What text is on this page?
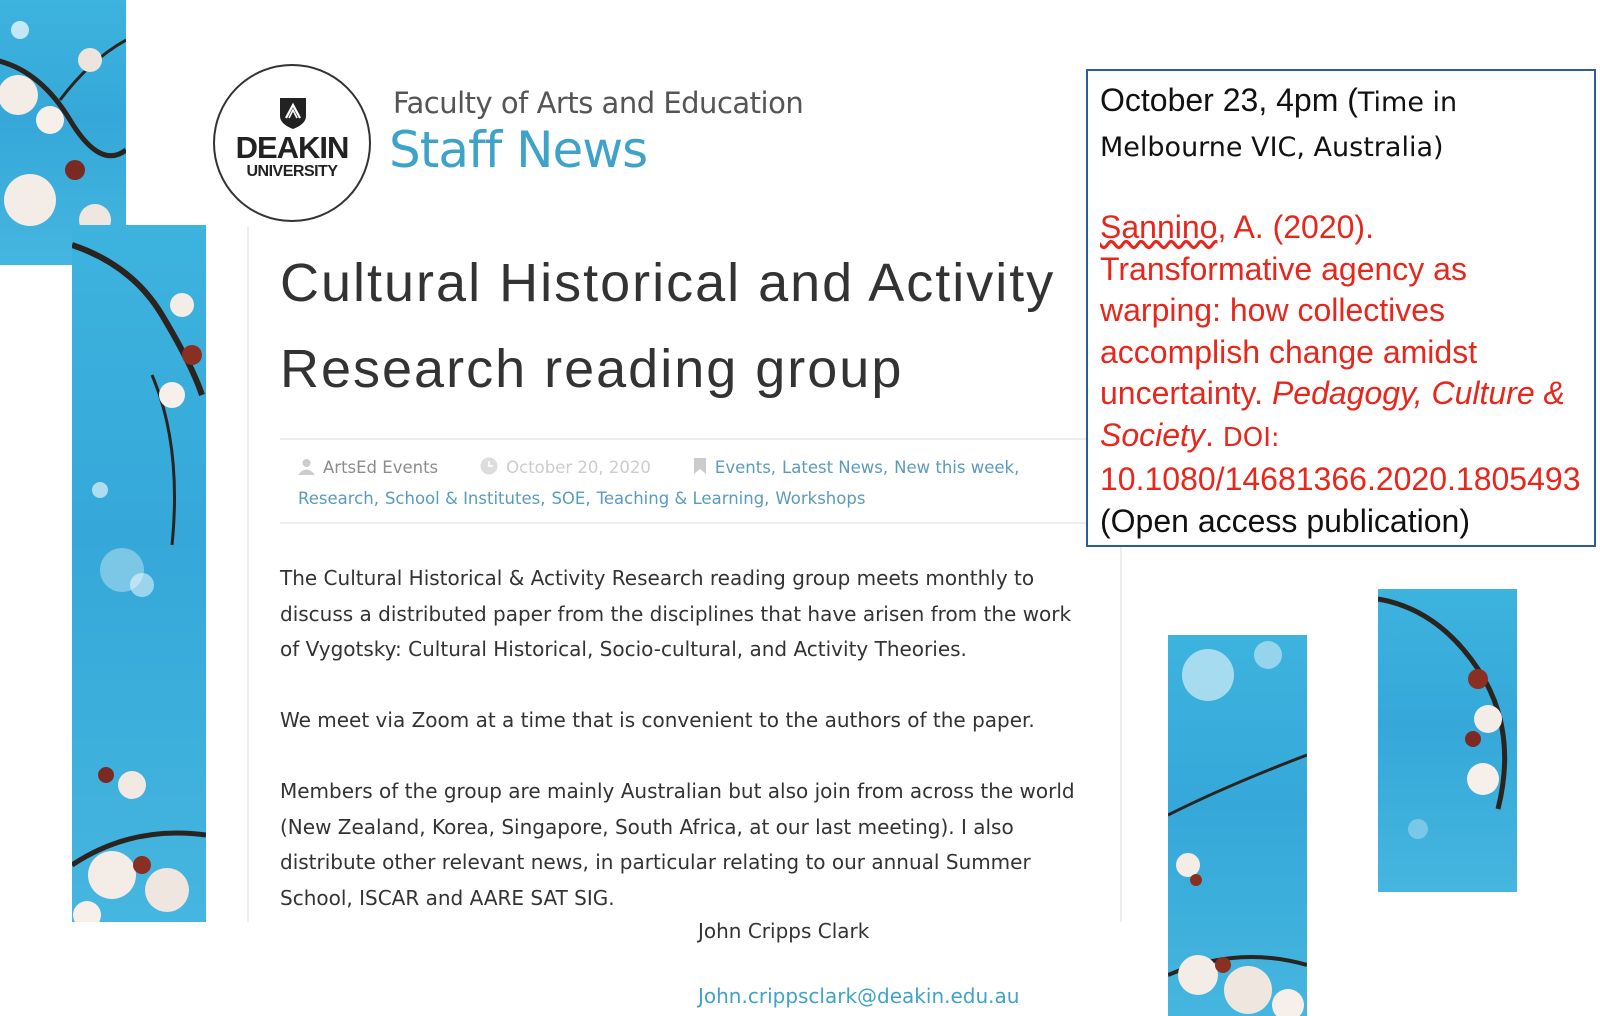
DEAKIN
UNIVERSITY
Faculty of Arts and Education
Staff News
Cultural Historical and Activity Research reading group
ArtsEd Events	October 20, 2020	Events, Latest News, New this week,
Research, School & Institutes, SOE, Teaching & Learning, Workshops

The Cultural Historical & Activity Research reading group meets monthly to discuss a distributed paper from the disciplines that have arisen from the work of Vygotsky: Cultural Historical, Socio-cultural, and Activity Theories.

We meet via Zoom at a time that is convenient to the authors of the paper.

Members of the group are mainly Australian but also join from across the world (New Zealand, Korea, Singapore, South Africa, at our last meeting). I also distribute other relevant news, in particular relating to our annual Summer School, ISCAR and AARE SAT SIG.

John Cripps Clark
John.crippsclark@deakin.edu.au

October 23, 4pm (Time in Melbourne VIC, Australia)

Sannino, A. (2020). Transformative agency as warping: how collectives accomplish change amidst uncertainty. Pedagogy, Culture & Society. DOI:
10.1080/14681366.2020.1805493
(Open access publication)
